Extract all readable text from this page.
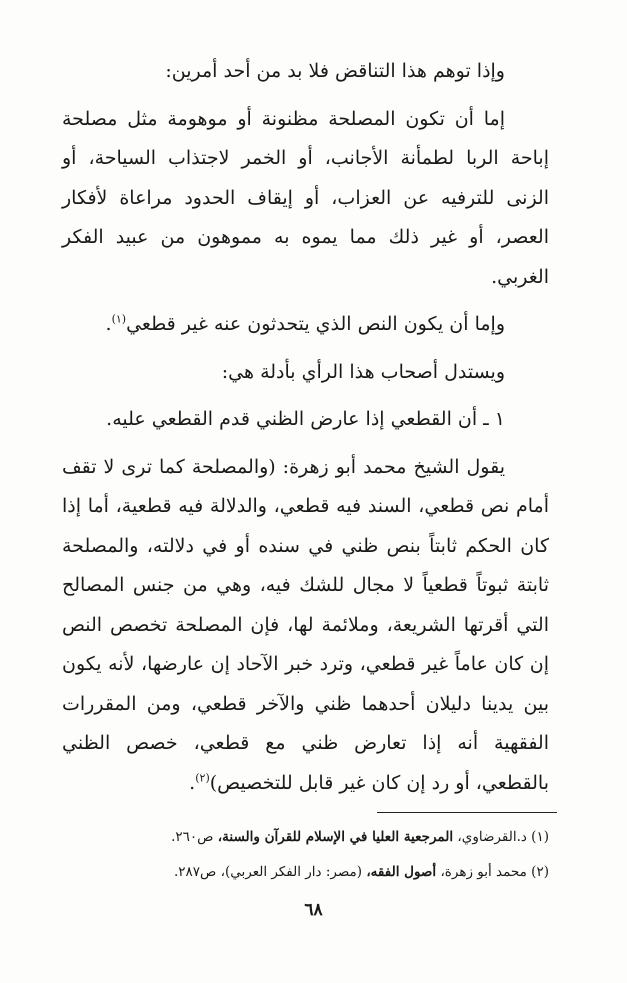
وإذا توهم هذا التناقض فلا بد من أحد أمرين:

إما أن تكون المصلحة مظنونة أو موهومة مثل مصلحة إباحة الربا لطمأنة الأجانب، أو الخمر لاجتذاب السياحة، أو الزنى للترفيه عن العزاب، أو إيقاف الحدود مراعاة لأفكار العصر، أو غير ذلك مما يموه به مموهون من عبيد الفكر الغربي.

وإما أن يكون النص الذي يتحدثون عنه غير قطعي$^{(١)}$.

ويستدل أصحاب هذا الرأي بأدلة هي:

١ ـ أن القطعي إذا عارض الظني قدم القطعي عليه.

يقول الشيخ محمد أبو زهرة: (والمصلحة كما ترى لا تقف أمام نص قطعي، السند فيه قطعي، والدلالة فيه قطعية، أما إذا كان الحكم ثابتاً بنص ظني في سنده أو في دلالته، والمصلحة ثابتة ثبوتاً قطعياً لا مجال للشك فيه، وهي من جنس المصالح التي أقرتها الشريعة، وملائمة لها، فإن المصلحة تخصص النص إن كان عاماً غير قطعي، وترد خبر الآحاد إن عارضها، لأنه يكون بين يدينا دليلان أحدهما ظني والآخر قطعي، ومن المقررات الفقهية أنه إذا تعارض ظني مع قطعي، خصص الظني بالقطعي، أو رد إن كان غير قابل للتخصيص)$^{(٢)}$.

(١) د.القرضاوي، المرجعية العليا في الإسلام للقرآن والسنة، ص٢٦٠.

(٢) محمد أبو زهرة، أصول الفقه، (مصر: دار الفكر العربي)، ص٢٨٧.

٦٨
